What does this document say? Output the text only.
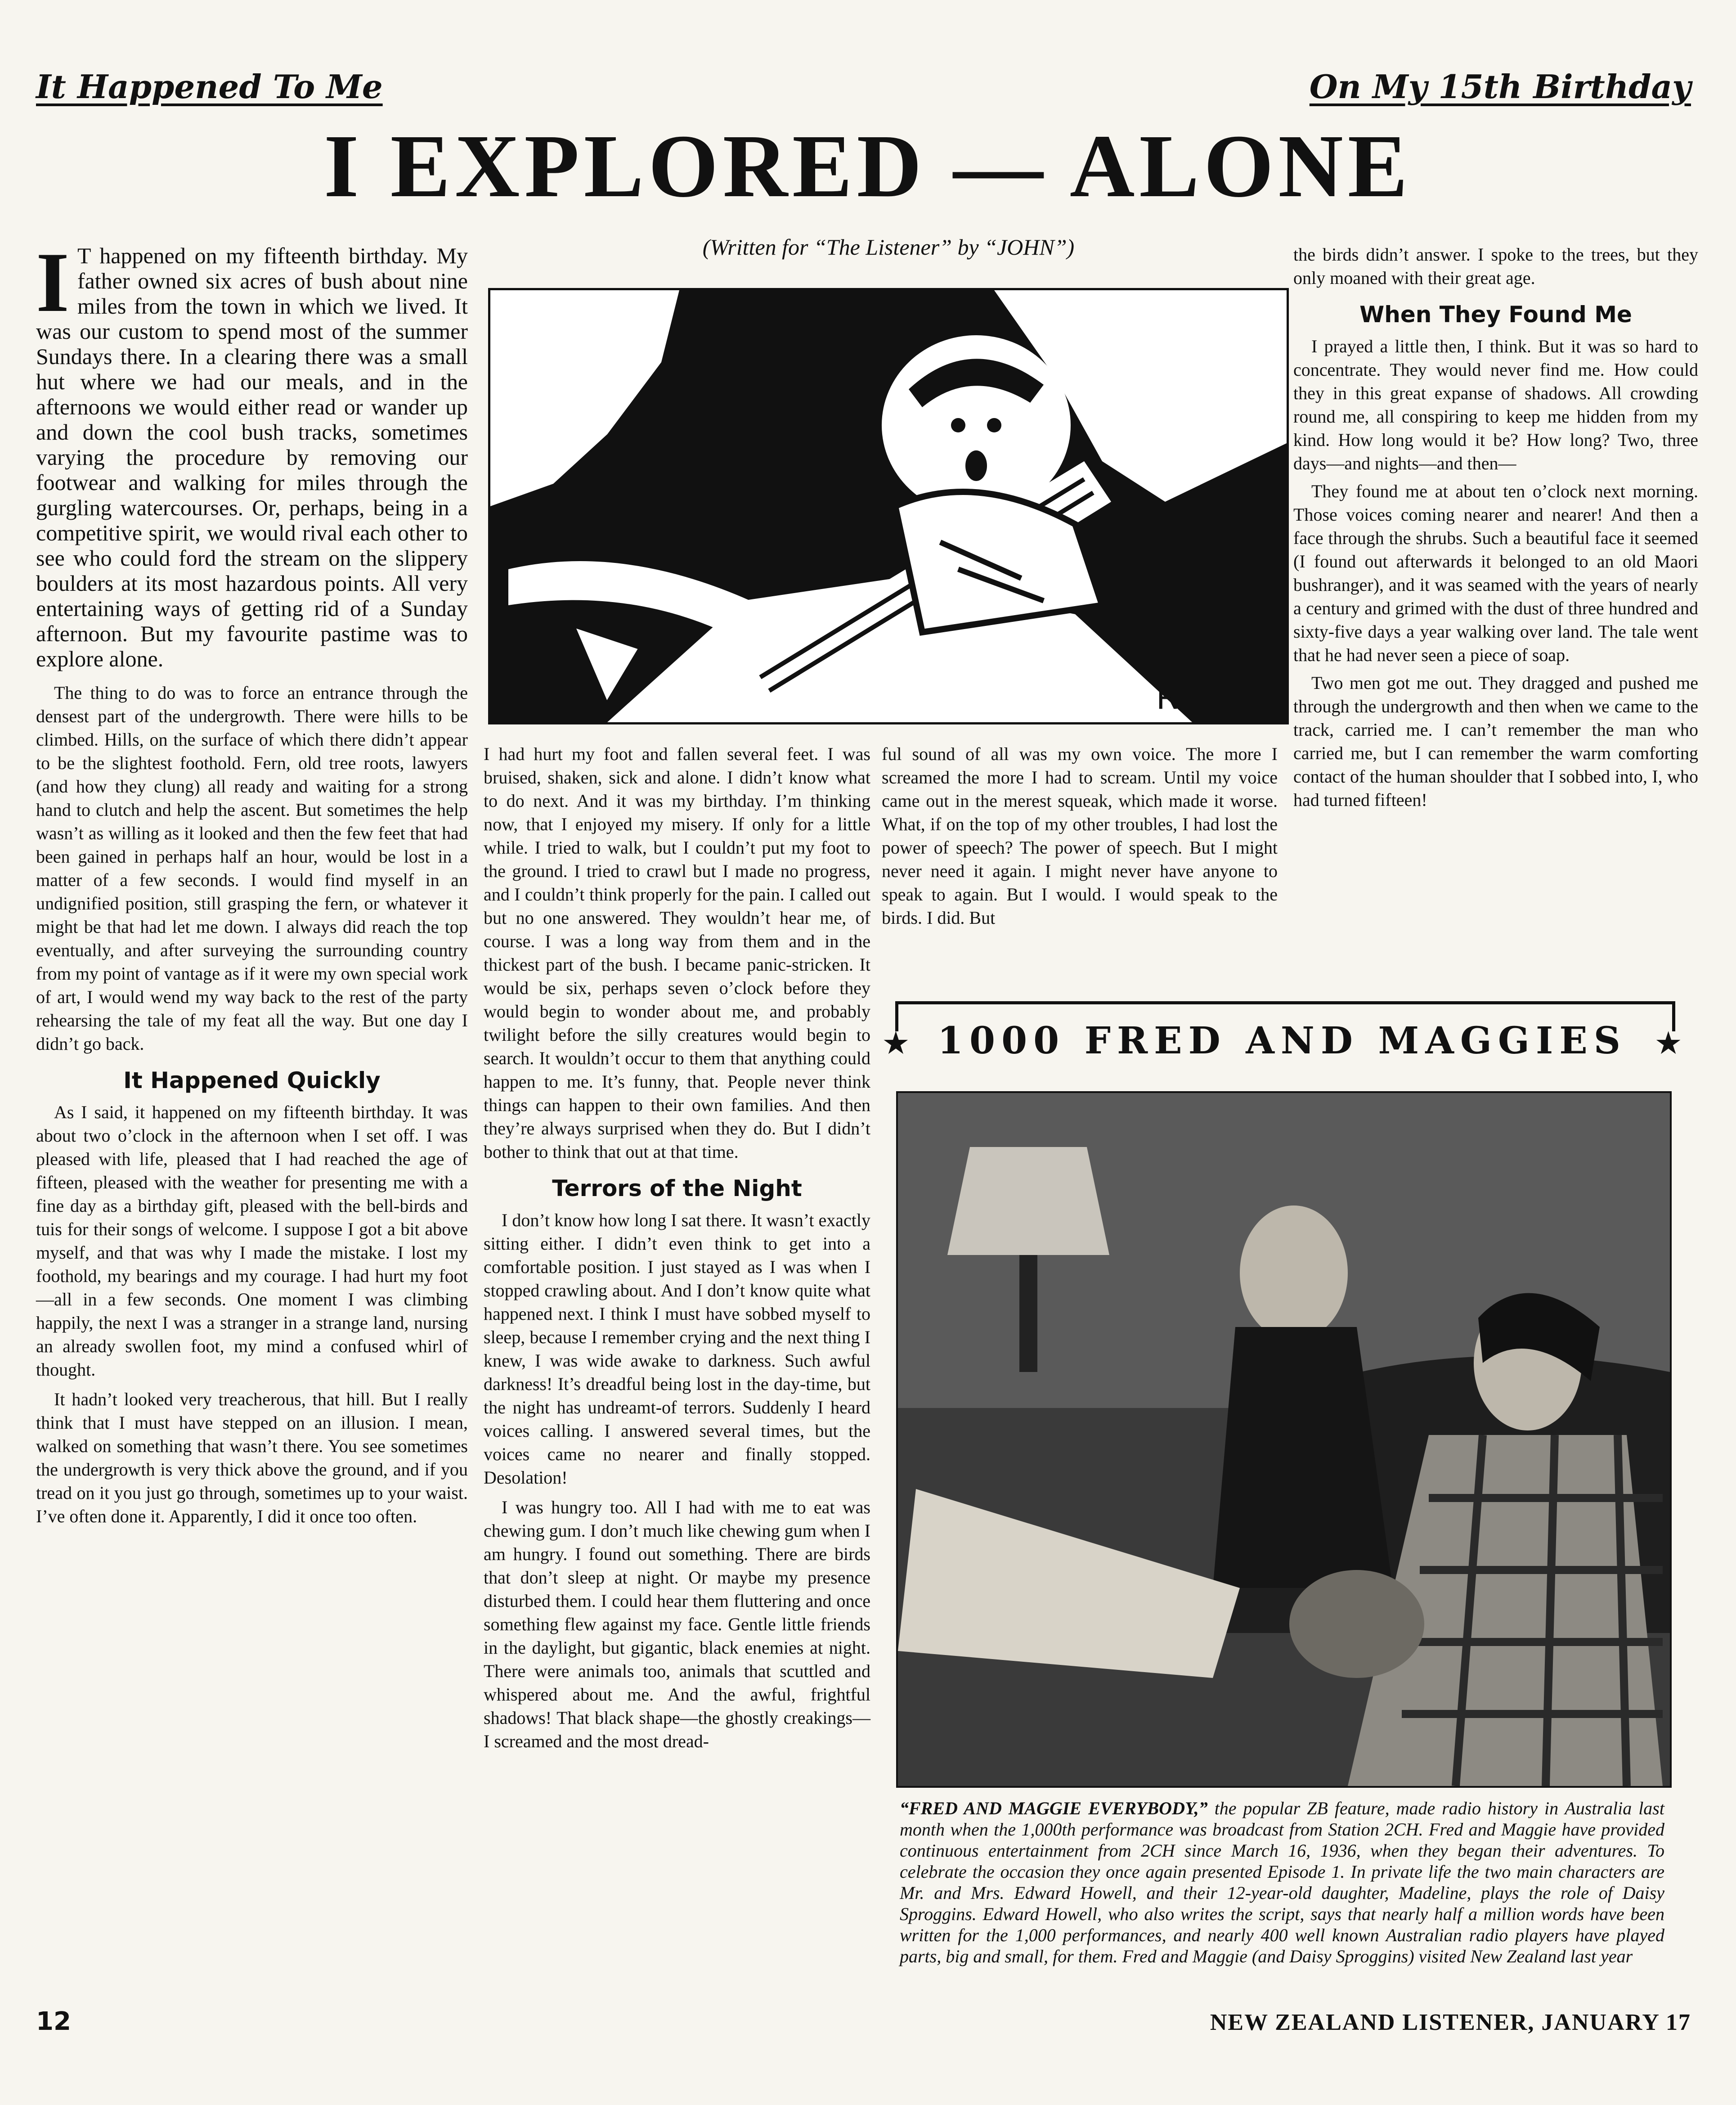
It Happened To Me	On My 15th Birthday
I EXPLORED — ALONE

I T happened on my fifteenth birthday. My father owned six acres of bush about nine miles from the town in which we lived. It was our custom to spend most of the summer Sundays there. In a clearing there was a small hut where we had our meals, and in the afternoons we would either read or wander up and down the cool bush tracks, sometimes varying the procedure by removing our footwear and walking for miles through the gurgling watercourses. Or, perhaps, being in a competitive spirit, we would rival each other to see who could ford the stream on the slippery boulders at its most hazardous points. All very entertaining ways of getting rid of a Sunday afternoon. But my favourite pastime was to explore alone.

The thing to do was to force an entrance through the densest part of the undergrowth. There were hills to be climbed. Hills, on the surface of which there didn’t appear to be the slightest foothold. Fern, old tree roots, lawyers (and how they clung) all ready and waiting for a strong hand to clutch and help the ascent. But sometimes the help wasn’t as willing as it looked and then the few feet that had been gained in perhaps half an hour, would be lost in a matter of a few seconds. I would find myself in an undignified position, still grasping the fern, or whatever it might be that had let me down. I always did reach the top eventually, and after surveying the surrounding country from my point of vantage as if it were my own special work of art, I would wend my way back to the rest of the party rehearsing the tale of my feat all the way. But one day I didn’t go back.

It Happened Quickly

As I said, it happened on my fifteenth birthday. It was about two o’clock in the afternoon when I set off. I was pleased with life, pleased that I had reached the age of fifteen, pleased with the weather for presenting me with a fine day as a birthday gift, pleased with the bell-birds and tuis for their songs of welcome. I suppose I got a bit above myself, and that was why I made the mistake. I lost my foothold, my bearings and my courage. I had hurt my foot—all in a few seconds. One moment I was climbing happily, the next I was a stranger in a strange land, nursing an already swollen foot, my mind a confused whirl of thought.

It hadn’t looked very treacherous, that hill. But I really think that I must have stepped on an illusion. I mean, walked on something that wasn’t there. You see sometimes the undergrowth is very thick above the ground, and if you tread on it you just go through, sometimes up to your waist. I’ve often done it. Apparently, I did it once too often.

(Written for “The Listener” by “JOHN”)
RC

I had hurt my foot and fallen several feet. I was bruised, shaken, sick and alone. I didn’t know what to do next. And it was my birthday. I’m thinking now, that I enjoyed my misery. If only for a little while. I tried to walk, but I couldn’t put my foot to the ground. I tried to crawl but I made no progress, and I couldn’t think properly for the pain. I called out but no one answered. They wouldn’t hear me, of course. I was a long way from them and in the thickest part of the bush. I became panic-stricken. It would be six, perhaps seven o’clock before they would begin to wonder about me, and probably twilight before the silly creatures would begin to search. It wouldn’t occur to them that anything could happen to me. It’s funny, that. People never think things can happen to their own families. And then they’re always surprised when they do. But I didn’t bother to think that out at that time.

Terrors of the Night

I don’t know how long I sat there. It wasn’t exactly sitting either. I didn’t even think to get into a comfortable position. I just stayed as I was when I stopped crawling about. And I don’t know quite what happened next. I think I must have sobbed myself to sleep, because I remember crying and the next thing I knew, I was wide awake to darkness. Such awful darkness! It’s dreadful being lost in the day-time, but the night has undreamt-of terrors. Suddenly I heard voices calling. I answered several times, but the voices came no nearer and finally stopped. Desolation!

I was hungry too. All I had with me to eat was chewing gum. I don’t much like chewing gum when I am hungry. I found out something. There are birds that don’t sleep at night. Or maybe my presence disturbed them. I could hear them fluttering and once something flew against my face. Gentle little friends in the daylight, but gigantic, black enemies at night. There were animals too, animals that scuttled and whispered about me. And the awful, frightful shadows! That black shape—the ghostly creakings—I screamed and the most dread-

ful sound of all was my own voice. The more I screamed the more I had to scream. Until my voice came out in the merest squeak, which made it worse. What, if on the top of my other troubles, I had lost the power of speech? The power of speech. But I might never need it again. I might never have anyone to speak to again. But I would. I would speak to the birds. I did. But

the birds didn’t answer. I spoke to the trees, but they only moaned with their great age.

When They Found Me

I prayed a little then, I think. But it was so hard to concentrate. They would never find me. How could they in this great expanse of shadows. All crowding round me, all conspiring to keep me hidden from my kind. How long would it be? How long? Two, three days—and nights—and then—

They found me at about ten o’clock next morning. Those voices coming nearer and nearer! And then a face through the shrubs. Such a beautiful face it seemed (I found out afterwards it belonged to an old Maori bushranger), and it was seamed with the years of nearly a century and grimed with the dust of three hundred and sixty-five days a year walking over land. The tale went that he had never seen a piece of soap.

Two men got me out. They dragged and pushed me through the undergrowth and then when we came to the track, carried me. I can’t remember the man who carried me, but I can remember the warm comforting contact of the human shoulder that I sobbed into, I, who had turned fifteen!

★	★
1000 FRED AND MAGGIES
“FRED AND MAGGIE EVERYBODY,” the popular ZB feature, made radio history in Australia last month when the 1,000th performance was broadcast from Station 2CH. Fred and Maggie have provided continuous entertainment from 2CH since March 16, 1936, when they began their adventures. To celebrate the occasion they once again presented Episode 1. In private life the two main characters are Mr. and Mrs. Edward Howell, and their 12-year-old daughter, Madeline, plays the role of Daisy Sproggins. Edward Howell, who also writes the script, says that nearly half a million words have been written for the 1,000 performances, and nearly 400 well known Australian radio players have played parts, big and small, for them. Fred and Maggie (and Daisy Sproggins) visited New Zealand last year
12	NEW ZEALAND LISTENER, JANUARY 17
